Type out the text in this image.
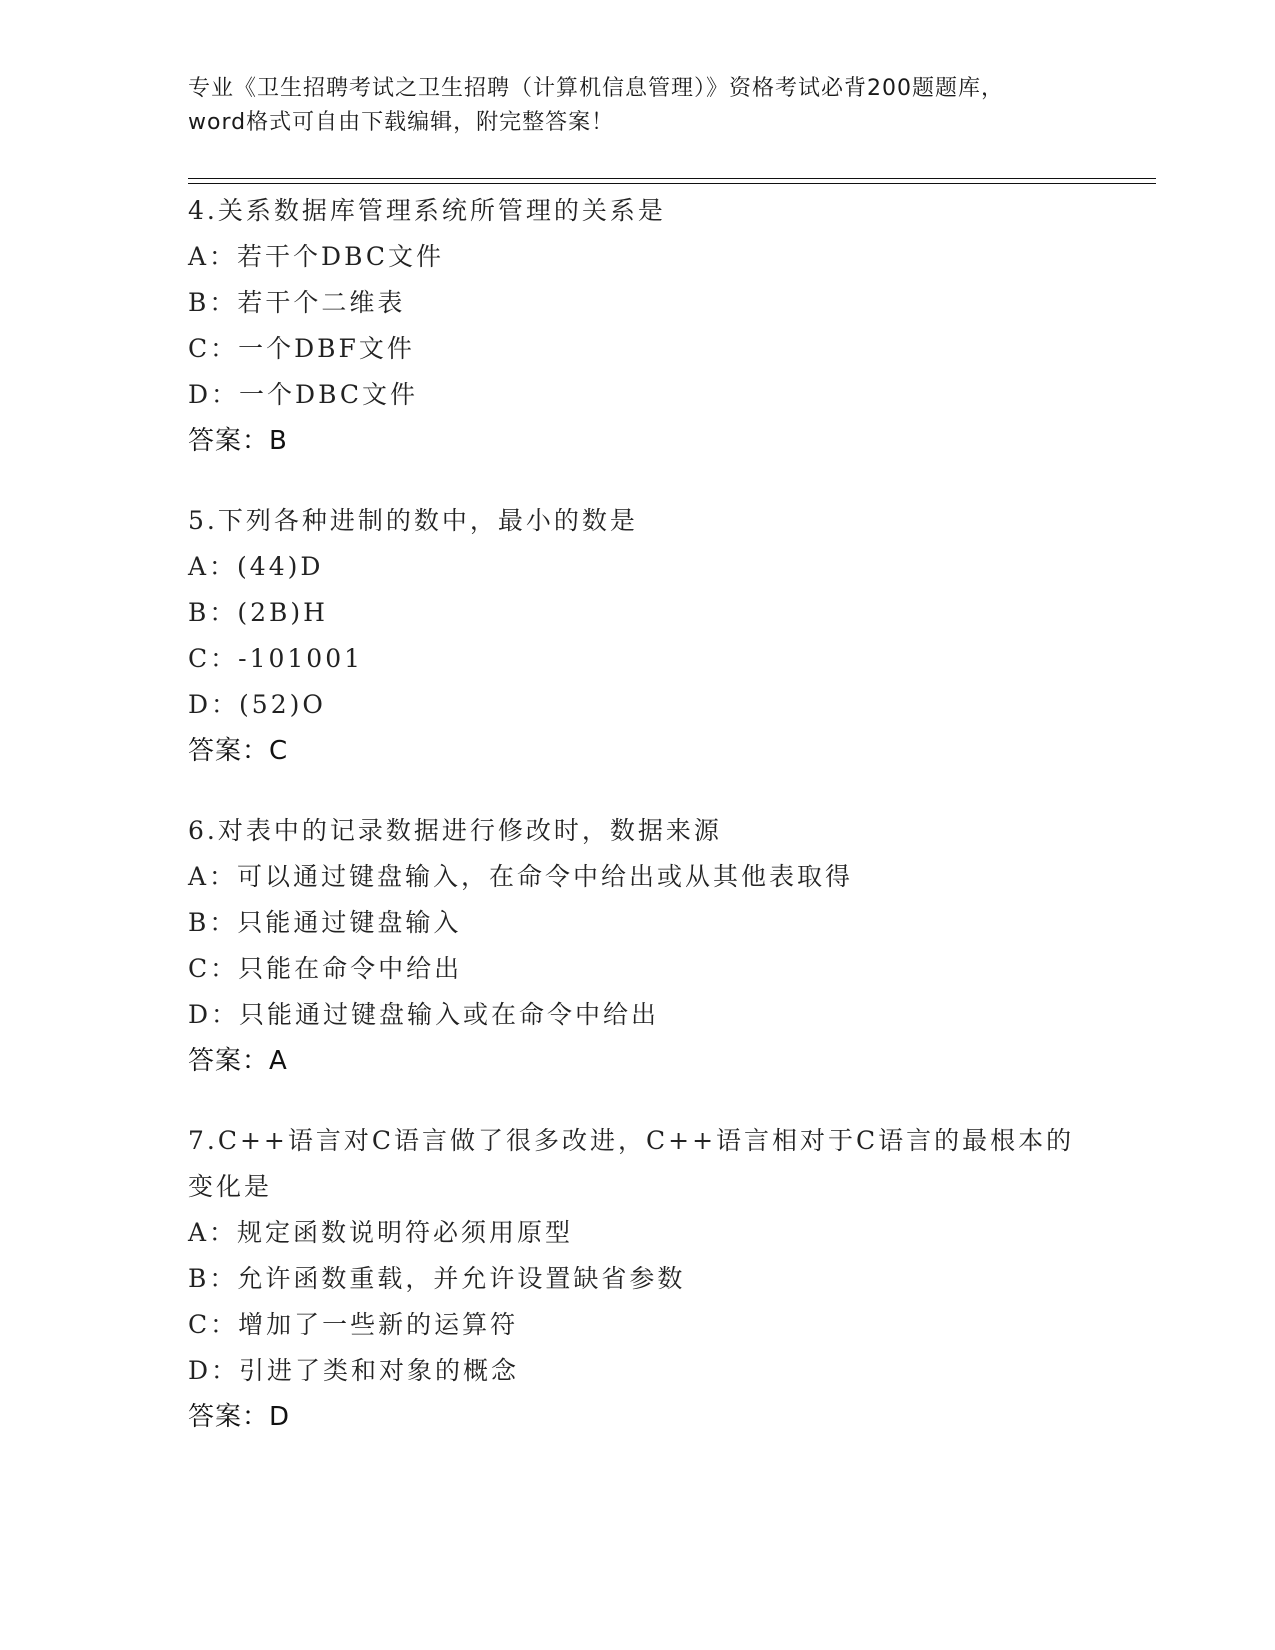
专业《卫生招聘考试之卫生招聘（计算机信息管理）》资格考试必背200题题库，
word格式可自由下载编辑，附完整答案！
4.关系数据库管理系统所管理的关系是
A：若干个DBC文件
B：若干个二维表
C：一个DBF文件
D：一个DBC文件
答案：B
5.下列各种进制的数中，最小的数是
A：(44)D
B：(2B)H
C：-101001
D：(52)O
答案：C
6.对表中的记录数据进行修改时，数据来源
A：可以通过键盘输入，在命令中给出或从其他表取得
B：只能通过键盘输入
C：只能在命令中给出
D：只能通过键盘输入或在命令中给出
答案：A
7.C++语言对C语言做了很多改进，C++语言相对于C语言的最根本的变化是
A：规定函数说明符必须用原型
B：允许函数重载，并允许设置缺省参数
C：增加了一些新的运算符
D：引进了类和对象的概念
答案：D
